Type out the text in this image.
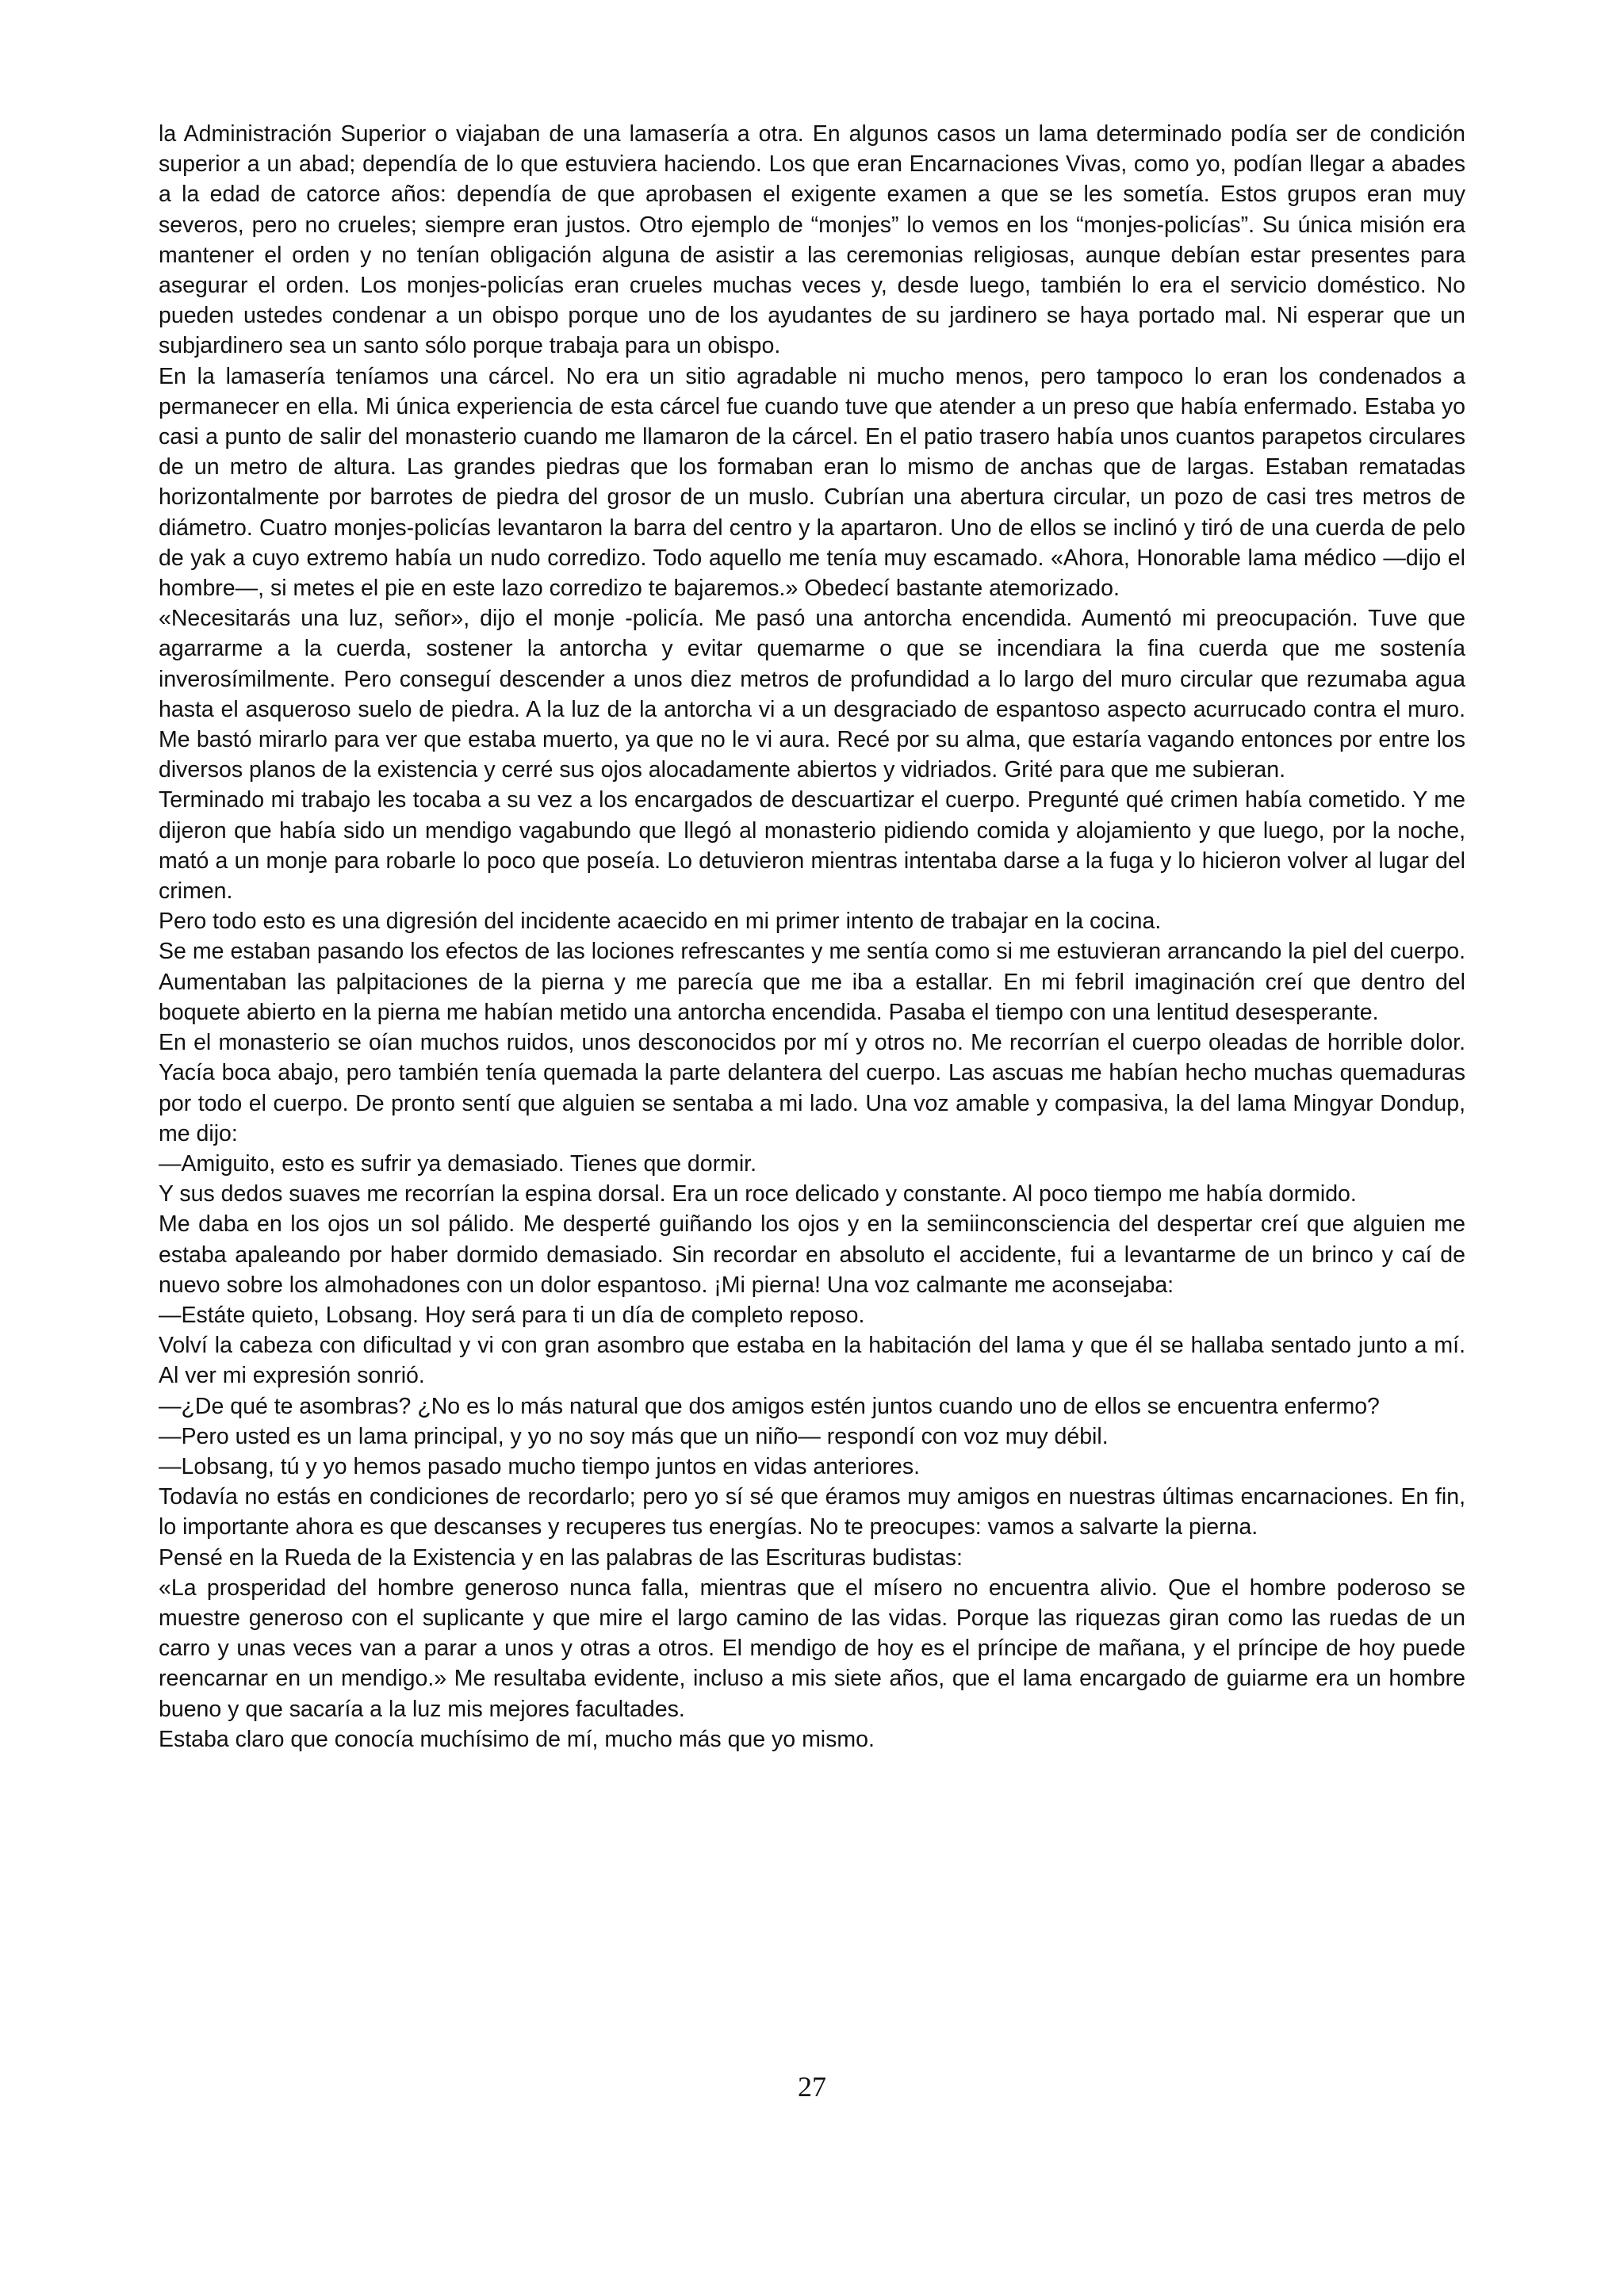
la Administración Superior o viajaban de una lamasería a otra. En algunos casos un lama determinado podía ser de condición superior a un abad; dependía de lo que estuviera haciendo. Los que eran Encarnaciones Vivas, como yo, podían llegar a abades a la edad de catorce años: dependía de que aprobasen el exigente examen a que se les sometía. Estos grupos eran muy severos, pero no crueles; siempre eran justos. Otro ejemplo de “monjes” lo vemos en los “monjes-policías”. Su única misión era mantener el orden y no tenían obligación alguna de asistir a las ceremonias religiosas, aunque debían estar presentes para asegurar el orden. Los monjes-policías eran crueles muchas veces y, desde luego, también lo era el servicio doméstico. No pueden ustedes condenar a un obispo porque uno de los ayudantes de su jardinero se haya portado mal. Ni esperar que un subjardinero sea un santo sólo porque trabaja para un obispo.

En la lamasería teníamos una cárcel. No era un sitio agradable ni mucho menos, pero tampoco lo eran los condenados a permanecer en ella. Mi única experiencia de esta cárcel fue cuando tuve que atender a un preso que había enfermado. Estaba yo casi a punto de salir del monasterio cuando me llamaron de la cárcel. En el patio trasero había unos cuantos parapetos circulares de un metro de altura. Las grandes piedras que los formaban eran lo mismo de anchas que de largas. Estaban rematadas horizontalmente por barrotes de piedra del grosor de un muslo. Cubrían una abertura circular, un pozo de casi tres metros de diámetro. Cuatro monjes-policías levantaron la barra del centro y la apartaron. Uno de ellos se inclinó y tiró de una cuerda de pelo de yak a cuyo extremo había un nudo corredizo. Todo aquello me tenía muy escamado. «Ahora, Honorable lama médico —dijo el hombre—, si metes el pie en este lazo corredizo te bajaremos.» Obedecí bastante atemorizado.

«Necesitarás una luz, señor», dijo el monje -policía. Me pasó una antorcha encendida. Aumentó mi preocupación. Tuve que agarrarme a la cuerda, sostener la antorcha y evitar quemarme o que se incendiara la fina cuerda que me sostenía inverosímilmente. Pero conseguí descender a unos diez metros de profundidad a lo largo del muro circular que rezumaba agua hasta el asqueroso suelo de piedra. A la luz de la antorcha vi a un desgraciado de espantoso aspecto acurrucado contra el muro. Me bastó mirarlo para ver que estaba muerto, ya que no le vi aura. Recé por su alma, que estaría vagando entonces por entre los diversos planos de la existencia y cerré sus ojos alocadamente abiertos y vidriados. Grité para que me subieran.

Terminado mi trabajo les tocaba a su vez a los encargados de descuartizar el cuerpo. Pregunté qué crimen había cometido. Y me dijeron que había sido un mendigo vagabundo que llegó al monasterio pidiendo comida y alojamiento y que luego, por la noche, mató a un monje para robarle lo poco que poseía. Lo detuvieron mientras intentaba darse a la fuga y lo hicieron volver al lugar del crimen.

Pero todo esto es una digresión del incidente acaecido en mi primer intento de trabajar en la cocina.

Se me estaban pasando los efectos de las lociones refrescantes y me sentía como si me estuvieran arrancando la piel del cuerpo. Aumentaban las palpitaciones de la pierna y me parecía que me iba a estallar. En mi febril imaginación creí que dentro del boquete abierto en la pierna me habían metido una antorcha encendida. Pasaba el tiempo con una lentitud desesperante.

En el monasterio se oían muchos ruidos, unos desconocidos por mí y otros no. Me recorrían el cuerpo oleadas de horrible dolor. Yacía boca abajo, pero también tenía quemada la parte delantera del cuerpo. Las ascuas me habían hecho muchas quemaduras por todo el cuerpo. De pronto sentí que alguien se sentaba a mi lado. Una voz amable y compasiva, la del lama Mingyar Dondup, me dijo:

—Amiguito, esto es sufrir ya demasiado. Tienes que dormir.

Y sus dedos suaves me recorrían la espina dorsal. Era un roce delicado y constante. Al poco tiempo me había dormido.

Me daba en los ojos un sol pálido. Me desperté guiñando los ojos y en la semiinconsciencia del despertar creí que alguien me estaba apaleando por haber dormido demasiado. Sin recordar en absoluto el accidente, fui a levantarme de un brinco y caí de nuevo sobre los almohadones con un dolor espantoso. ¡Mi pierna! Una voz calmante me aconsejaba:

—Estáte quieto, Lobsang. Hoy será para ti un día de completo reposo.

Volví la cabeza con dificultad y vi con gran asombro que estaba en la habitación del lama y que él se hallaba sentado junto a mí. Al ver mi expresión sonrió.

—¿De qué te asombras? ¿No es lo más natural que dos amigos estén juntos cuando uno de ellos se encuentra enfermo?

—Pero usted es un lama principal, y yo no soy más que un niño— respondí con voz muy débil.

—Lobsang, tú y yo hemos pasado mucho tiempo juntos en vidas anteriores.

Todavía no estás en condiciones de recordarlo; pero yo sí sé que éramos muy amigos en nuestras últimas encarnaciones. En fin, lo importante ahora es que descanses y recuperes tus energías. No te preocupes: vamos a salvarte la pierna.

Pensé en la Rueda de la Existencia y en las palabras de las Escrituras budistas:

«La prosperidad del hombre generoso nunca falla, mientras que el mísero no encuentra alivio. Que el hombre poderoso se muestre generoso con el suplicante y que mire el largo camino de las vidas. Porque las riquezas giran como las ruedas de un carro y unas veces van a parar a unos y otras a otros. El mendigo de hoy es el príncipe de mañana, y el príncipe de hoy puede reencarnar en un mendigo.» Me resultaba evidente, incluso a mis siete años, que el lama encargado de guiarme era un hombre bueno y que sacaría a la luz mis mejores facultades.

Estaba claro que conocía muchísimo de mí, mucho más que yo mismo.

27
